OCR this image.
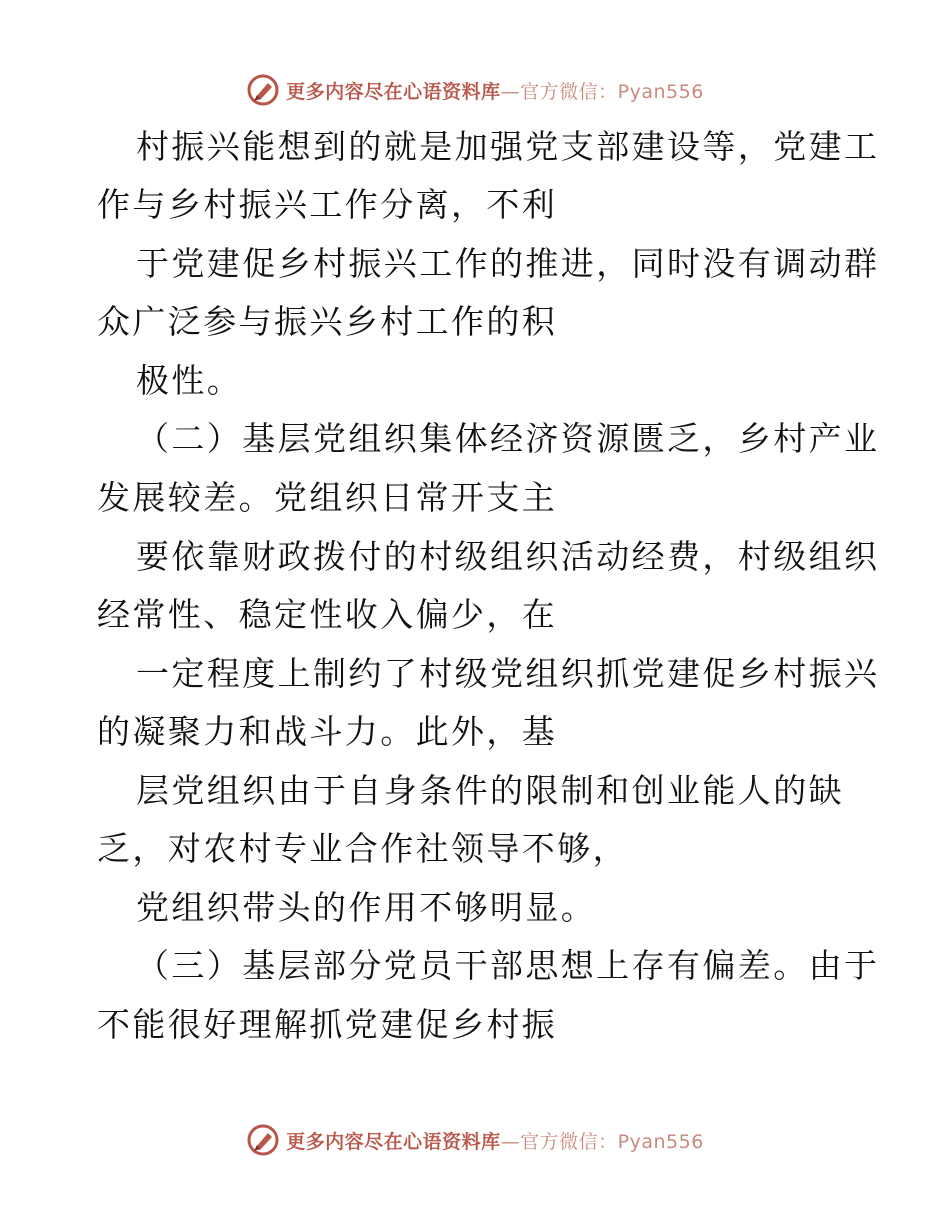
更多内容尽在心语资料库—官方微信：Pyan556
村振兴能想到的就是加强党支部建设等，党建工
作与乡村振兴工作分离，不利
于党建促乡村振兴工作的推进，同时没有调动群
众广泛参与振兴乡村工作的积
极性。
（二）基层党组织集体经济资源匮乏，乡村产业
发展较差。党组织日常开支主
要依靠财政拨付的村级组织活动经费，村级组织
经常性、稳定性收入偏少，在
一定程度上制约了村级党组织抓党建促乡村振兴
的凝聚力和战斗力。此外，基
层党组织由于自身条件的限制和创业能人的缺
乏，对农村专业合作社领导不够，
党组织带头的作用不够明显。
（三）基层部分党员干部思想上存有偏差。由于
不能很好理解抓党建促乡村振
更多内容尽在心语资料库—官方微信：Pyan556
